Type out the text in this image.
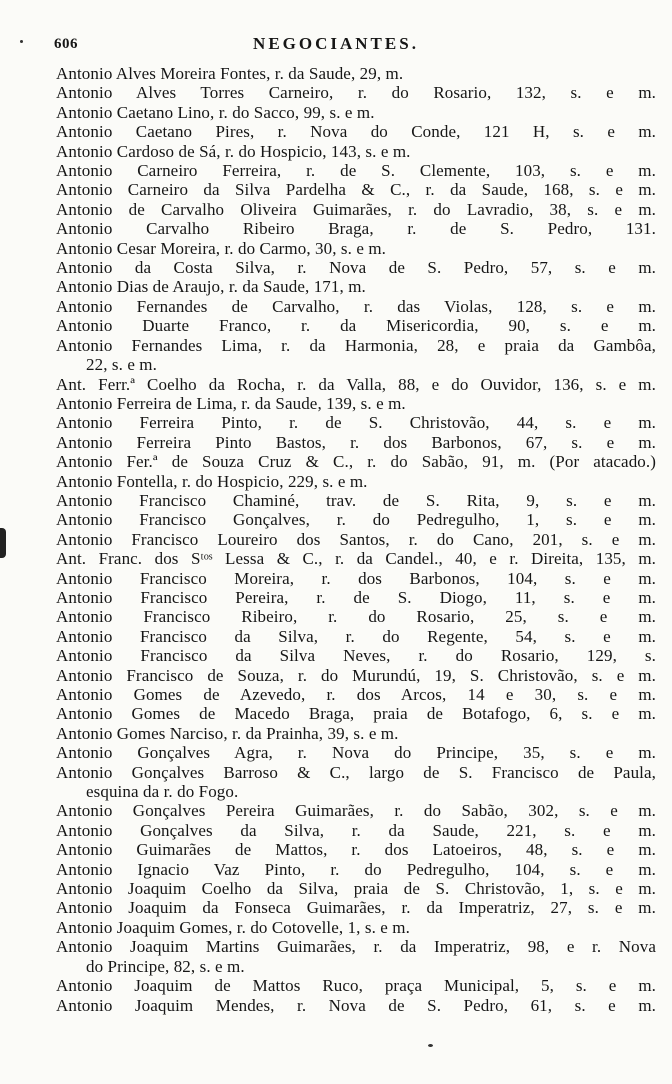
606	NEGOCIANTES.
Antonio Alves Moreira Fontes, r. da Saude, 29, m.
Antonio Alves Torres Carneiro, r. do Rosario, 132, s. e m.
Antonio Caetano Lino, r. do Sacco, 99, s. e m.
Antonio Caetano Pires, r. Nova do Conde, 121 H, s. e m.
Antonio Cardoso de Sá, r. do Hospicio, 143, s. e m.
Antonio Carneiro Ferreira, r. de S. Clemente, 103, s. e m.
Antonio Carneiro da Silva Pardelha & C., r. da Saude, 168, s. e m.
Antonio de Carvalho Oliveira Guimarães, r. do Lavradio, 38, s. e m.
Antonio Carvalho Ribeiro Braga, r. de S. Pedro, 131.
Antonio Cesar Moreira, r. do Carmo, 30, s. e m.
Antonio da Costa Silva, r. Nova de S. Pedro, 57, s. e m.
Antonio Dias de Araujo, r. da Saude, 171, m.
Antonio Fernandes de Carvalho, r. das Violas, 128, s. e m.
Antonio Duarte Franco, r. da Misericordia, 90, s. e m.
Antonio Fernandes Lima, r. da Harmonia, 28, e praia da Gambôa,
22, s. e m.
Ant. Ferr.ª Coelho da Rocha, r. da Valla, 88, e do Ouvidor, 136, s. e m.
Antonio Ferreira de Lima, r. da Saude, 139, s. e m.
Antonio Ferreira Pinto, r. de S. Christovão, 44, s. e m.
Antonio Ferreira Pinto Bastos, r. dos Barbonos, 67, s. e m.
Antonio Fer.ª de Souza Cruz & C., r. do Sabão, 91, m. (Por atacado.)
Antonio Fontella, r. do Hospicio, 229, s. e m.
Antonio Francisco Chaminé, trav. de S. Rita, 9, s. e m.
Antonio Francisco Gonçalves, r. do Pedregulho, 1, s. e m.
Antonio Francisco Loureiro dos Santos, r. do Cano, 201, s. e m.
Ant. Franc. dos Sᵗᵒˢ Lessa & C., r. da Candel., 40, e r. Direita, 135, m.
Antonio Francisco Moreira, r. dos Barbonos, 104, s. e m.
Antonio Francisco Pereira, r. de S. Diogo, 11, s. e m.
Antonio Francisco Ribeiro, r. do Rosario, 25, s. e m.
Antonio Francisco da Silva, r. do Regente, 54, s. e m.
Antonio Francisco da Silva Neves, r. do Rosario, 129, s.
Antonio Francisco de Souza, r. do Murundú, 19, S. Christovão, s. e m.
Antonio Gomes de Azevedo, r. dos Arcos, 14 e 30, s. e m.
Antonio Gomes de Macedo Braga, praia de Botafogo, 6, s. e m.
Antonio Gomes Narciso, r. da Prainha, 39, s. e m.
Antonio Gonçalves Agra, r. Nova do Principe, 35, s. e m.
Antonio Gonçalves Barroso & C., largo de S. Francisco de Paula,
esquina da r. do Fogo.
Antonio Gonçalves Pereira Guimarães, r. do Sabão, 302, s. e m.
Antonio Gonçalves da Silva, r. da Saude, 221, s. e m.
Antonio Guimarães de Mattos, r. dos Latoeiros, 48, s. e m.
Antonio Ignacio Vaz Pinto, r. do Pedregulho, 104, s. e m.
Antonio Joaquim Coelho da Silva, praia de S. Christovão, 1, s. e m.
Antonio Joaquim da Fonseca Guimarães, r. da Imperatriz, 27, s. e m.
Antonio Joaquim Gomes, r. do Cotovelle, 1, s. e m.
Antonio Joaquim Martins Guimarães, r. da Imperatriz, 98, e r. Nova
do Principe, 82, s. e m.
Antonio Joaquim de Mattos Ruco, praça Municipal, 5, s. e m.
Antonio Joaquim Mendes, r. Nova de S. Pedro, 61, s. e m.
